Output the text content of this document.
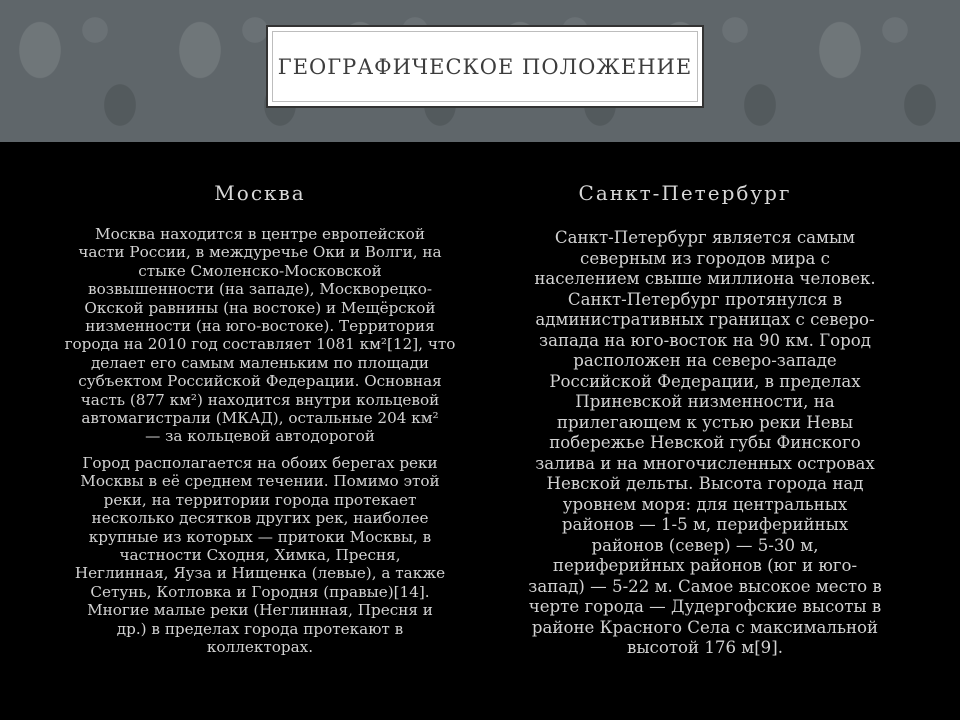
ГЕОГРАФИЧЕСКОЕ ПОЛОЖЕНИЕ
Москва	Санкт-Петербург

Москва находится в центре европейской
части России, в междуречье Оки и Волги, на
стыке Смоленско-Московской
возвышенности (на западе), Москворецко-
Окской равнины (на востоке) и Мещёрской
низменности (на юго-востоке). Территория
города на 2010 год составляет 1081 км²[12], что
делает его самым маленьким по площади
субъектом Российской Федерации. Основная
часть (877 км²) находится внутри кольцевой
автомагистрали (МКАД), остальные 204 км²
— за кольцевой автодорогой

Город располагается на обоих берегах реки
Москвы в её среднем течении. Помимо этой
реки, на территории города протекает
несколько десятков других рек, наиболее
крупные из которых — притоки Москвы, в
частности Сходня, Химка, Пресня,
Неглинная, Яуза и Нищенка (левые), а также
Сетунь, Котловка и Городня (правые)[14].
Многие малые реки (Неглинная, Пресня и
др.) в пределах города протекают в
коллекторах.

Санкт-Петербург является самым
северным из городов мира с
населением свыше миллиона человек.
Санкт-Петербург протянулся в
административных границах с северо-
запада на юго-восток на 90 км. Город
расположен на северо-западе
Российской Федерации, в пределах
Приневской низменности, на
прилегающем к устью реки Невы
побережье Невской губы Финского
залива и на многочисленных островах
Невской дельты. Высота города над
уровнем моря: для центральных
районов — 1-5 м, периферийных
районов (север) — 5-30 м,
периферийных районов (юг и юго-
запад) — 5-22 м. Самое высокое место в
черте города — Дудергофские высоты в
районе Красного Села с максимальной
высотой 176 м[9].
